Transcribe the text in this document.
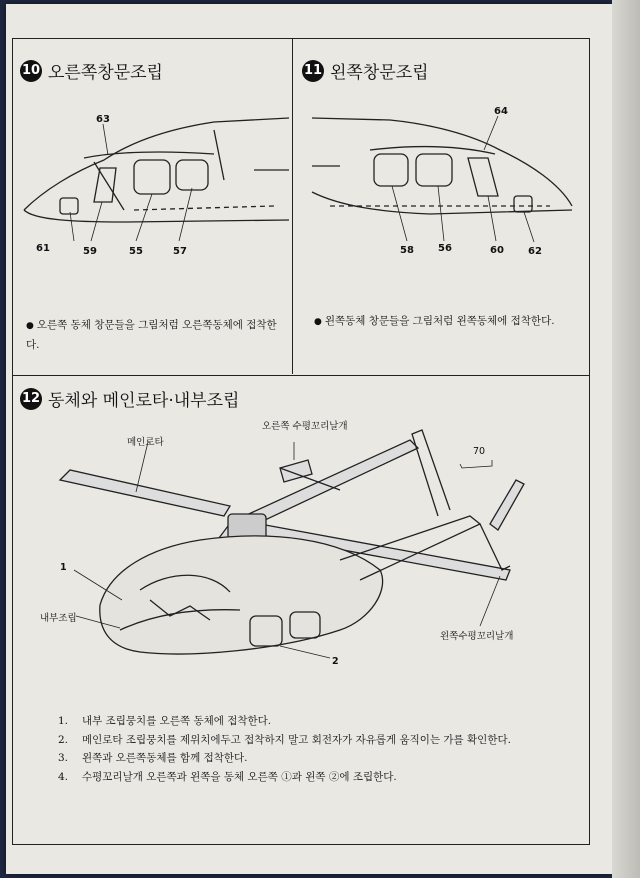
10 오른쪽창문조립
63
61	59	55	57
● 오른쪽 동체 창문들을 그림처럼 오른쪽동체에 접착한다.
11 왼쪽창문조립
64
58 56	60 62
● 왼쪽동체 창문들을 그림처럼 왼쪽동체에 접착한다.
12 동체와 메인로타·내부조립
오른쪽 수평꼬리날개
메인로타
70
1
내부조립
왼쪽수평꼬리날개
2
1.	내부 조립뭉치를 오른쪽 동체에 접착한다.
2.	메인로타 조립뭉치를 제위치에두고 접착하지 말고 회전자가 자유롭게 움직이는 가를 확인한다.
3.	왼쪽과 오른쪽동체를 함께 접착한다.
4.	수평꼬리날개 오른쪽과 왼쪽을 동체 오른쪽 ①과 왼쪽 ②에 조립한다.
